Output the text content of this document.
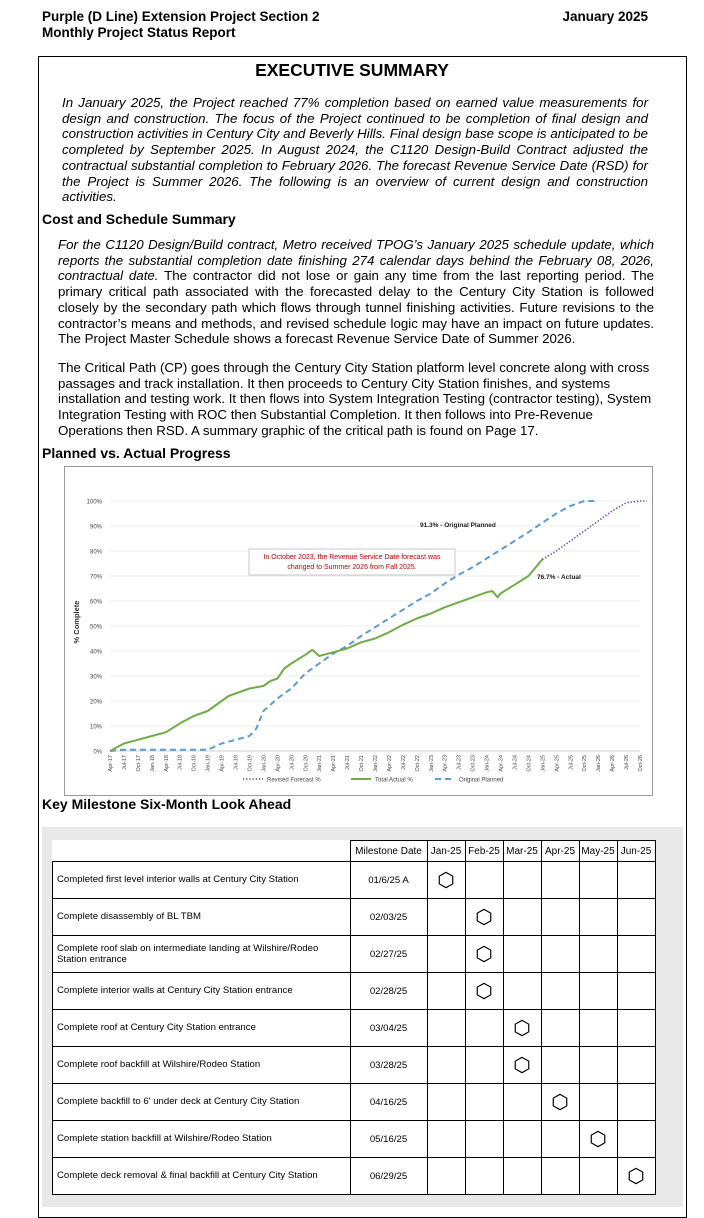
Purple (D Line) Extension Project Section 2
Monthly Project Status Report
January 2025
EXECUTIVE SUMMARY
In January 2025, the Project reached 77% completion based on earned value measurements for design and construction. The focus of the Project continued to be completion of final design and construction activities in Century City and Beverly Hills. Final design base scope is anticipated to be completed by September 2025. In August 2024, the C1120 Design-Build Contract adjusted the contractual substantial completion to February 2026. The forecast Revenue Service Date (RSD) for the Project is Summer 2026. The following is an overview of current design and construction activities.
Cost and Schedule Summary
For the C1120 Design/Build contract, Metro received TPOG’s January 2025 schedule update, which reports the substantial completion date finishing 274 calendar days behind the February 08, 2026, contractual date. The contractor did not lose or gain any time from the last reporting period. The primary critical path associated with the forecasted delay to the Century City Station is followed closely by the secondary path which flows through tunnel finishing activities. Future revisions to the contractor’s means and methods, and revised schedule logic may have an impact on future updates. The Project Master Schedule shows a forecast Revenue Service Date of Summer 2026.
The Critical Path (CP) goes through the Century City Station platform level concrete along with cross passages and track installation. It then proceeds to Century City Station finishes, and systems installation and testing work. It then flows into System Integration Testing (contractor testing), System Integration Testing with ROC then Substantial Completion. It then follows into Pre-Revenue Operations then RSD. A summary graphic of the critical path is found on Page 17.
Planned vs. Actual Progress
0%
10%
20%
30%
40%
50%
60%
70%
80%
90%
100%
Apr-17 Jul-17 Oct-17 Jan-18 Apr-18 Jul-18 Oct-18 Jan-19 Apr-19 Jul-19 Oct-19 Jan-20 Apr-20 Jul-20 Oct-20 Jan-21 Apr-21 Jul-21 Oct-21 Jan-22 Apr-22 Jul-22 Oct-22 Jan-23 Apr-23 Jul-23 Oct-23 Jan-24 Apr-24 Jul-24 Oct-24 Jan-25 Apr-25 Jul-25 Oct-25 Jan-26 Apr-26 Jul-26 Oct-26
% Complete
In October 2023, the Revenue Service Date forecast was
changed to Summer 2026 from Fall 2025.
91.3% - Original Planned
76.7% - Actual
Revised Forecast %	Total Actual %	Original Planned
Key Milestone Six-Month Look Ahead
	Milestone Date	Jan-25	Feb-25	Mar-25	Apr-25	May-25	Jun-25
Completed first level interior walls at Century City Station	01/6/25 A						
Complete disassembly of BL TBM	02/03/25						
Complete roof slab on intermediate landing at Wilshire/Rodeo Station entrance	02/27/25						
Complete interior walls at Century City Station entrance	02/28/25						
Complete roof at Century City Station entrance	03/04/25						
Complete roof backfill at Wilshire/Rodeo Station	03/28/25						
Complete backfill to 6' under deck at Century City Station	04/16/25						
Complete station backfill at Wilshire/Rodeo Station	05/16/25						
Complete deck removal & final backfill at Century City Station	06/29/25						
